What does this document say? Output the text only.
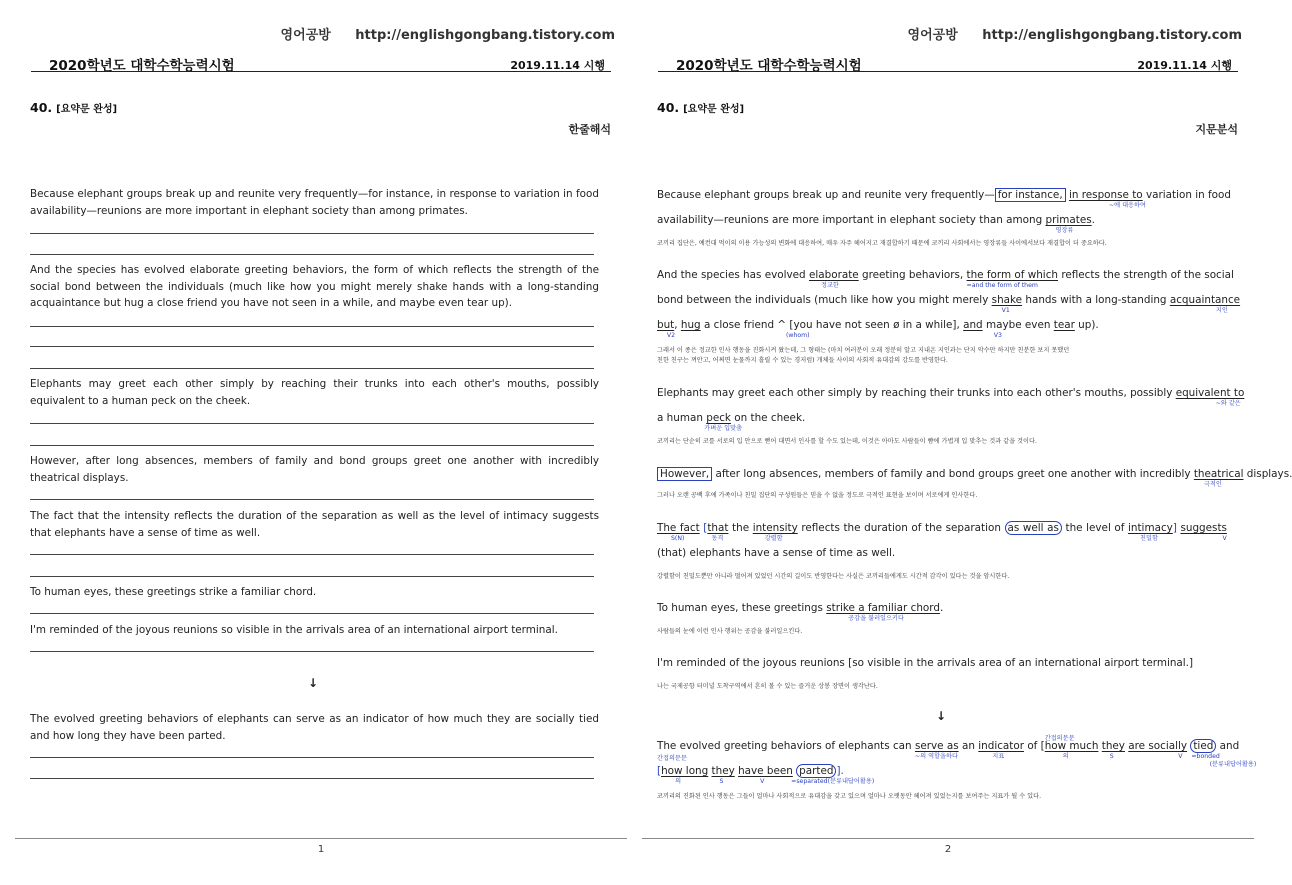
영어공방 http://englishgongbang.tistory.com
2020학년도 대학수학능력시험	2019.11.14 시행
40. [요약문 완성]
한줄해석
Because elephant groups break up and reunite very frequently—for instance, in response to variation in food availability—reunions are more important in elephant society than among primates.
And the species has evolved elaborate greeting behaviors, the form of which reflects the strength of the social bond between the individuals (much like how you might merely shake hands with a long-standing acquaintance but hug a close friend you have not seen in a while, and maybe even tear up).
Elephants may greet each other simply by reaching their trunks into each other's mouths, possibly equivalent to a human peck on the cheek.
However, after long absences, members of family and bond groups greet one another with incredibly theatrical displays.
The fact that the intensity reflects the duration of the separation as well as the level of intimacy suggests that elephants have a sense of time as well.
To human eyes, these greetings strike a familiar chord.
I'm reminded of the joyous reunions so visible in the arrivals area of an international airport terminal.
↓
The evolved greeting behaviors of elephants can serve as an indicator of how much they are socially tied and how long they have been parted.
1
영어공방 http://englishgongbang.tistory.com
2020학년도 대학수학능력시험	2019.11.14 시행
40. [요약문 완성]
지문분석
Because elephant groups break up and reunite very frequently— for instance, in response to
~에 대응하여
variation in food
availability—reunions are more important in elephant society than among primates
영장류
.
코끼리 집단은, 예컨대 먹이의 이용 가능성의 변화에 대응하여, 매우 자주 헤어지고 재결합하기 때문에 코끼리 사회에서는 영장류들 사이에서보다 재결합이 더 중요하다.
And the species has evolved elaborate
정교한
greeting behaviors, the form of which
=and the form of them
reflects the strength of the social
bond between the individuals (much like how you might merely shake
V1
hands with a long-standing acquaintance
지인
but, hug
V2
a close friend ^
(whom)
[you have not seen ø in a while], and maybe even tear
V3
up).
그래서 이 종은 정교한 인사 행동을 진화시켜 왔는데, 그 형태는 (마치 여러분이 오래 정분히 알고 지내온 지인과는 단지 악수만 하지만 친분한 보지 못했던
친한 친구는 껴안고, 어쩌면 눈물까지 흘릴 수 있는 경저럼) 개체들 사이의 사회적 유대감의 강도를 반영한다.
Elephants may greet each other simply by reaching their trunks into each other's mouths, possibly equivalent to
~와 같은
a human peck
가벼운 입맞춤
on the cheek.
코끼리는 단순히 코를 서로의 입 안으로 뻗어 대면서 인사를 할 수도 있는데, 이것은 아마도 사람들이 뺨에 가볍게 입 맞추는 것과 같을 것이다.
However, after long absences, members of family and bond groups greet one another with incredibly theatrical
극적인
displays.
그러나 오랜 공백 후에 가족이나 친밀 집단의 구성원들은 믿을 수 없을 정도로 극적인 표현을 보이며 서로에게 인사한다.
The fact
S(N)
[that
동격
the intensity
강렬함
reflects the duration of the separation as well as the level of intimacy
친밀함
] suggests
V
(that) elephants have a sense of time as well.
강렬함이 친밀도뿐만 아니라 떨어져 있었던 시간의 길이도 반영한다는 사실은 코끼리들에게도 시간적 감각이 있다는 것을 암시한다.
To human eyes, these greetings strike a familiar chord
공감을 불러일으키다
.
사람들의 눈에 이런 인사 행위는 공감을 불러일으킨다.
I'm reminded of the joyous reunions [so visible in the arrivals area of an international airport terminal.]
나는 국제공항 터미널 도착구역에서 흔히 볼 수 있는 즐거운 상봉 장면이 생각난다.
↓
The evolved greeting behaviors of elephants can serve as
~의 역할을하다
an indicator
지표
of [how much
간접의문문
의
they
S
are socially
V
tied
=bonded
and
(분류내답어활용)
간접의문문
[how long
의
they
S
have been
V
parted
=separated(분류내답어활용)
].
코끼리의 진화된 인사 행동은 그들이 얼마나 사회적으로 유대감을 갖고 있으며 얼마나 오랫동안 헤어져 있었는지를 보여주는 지표가 될 수 있다.
2
